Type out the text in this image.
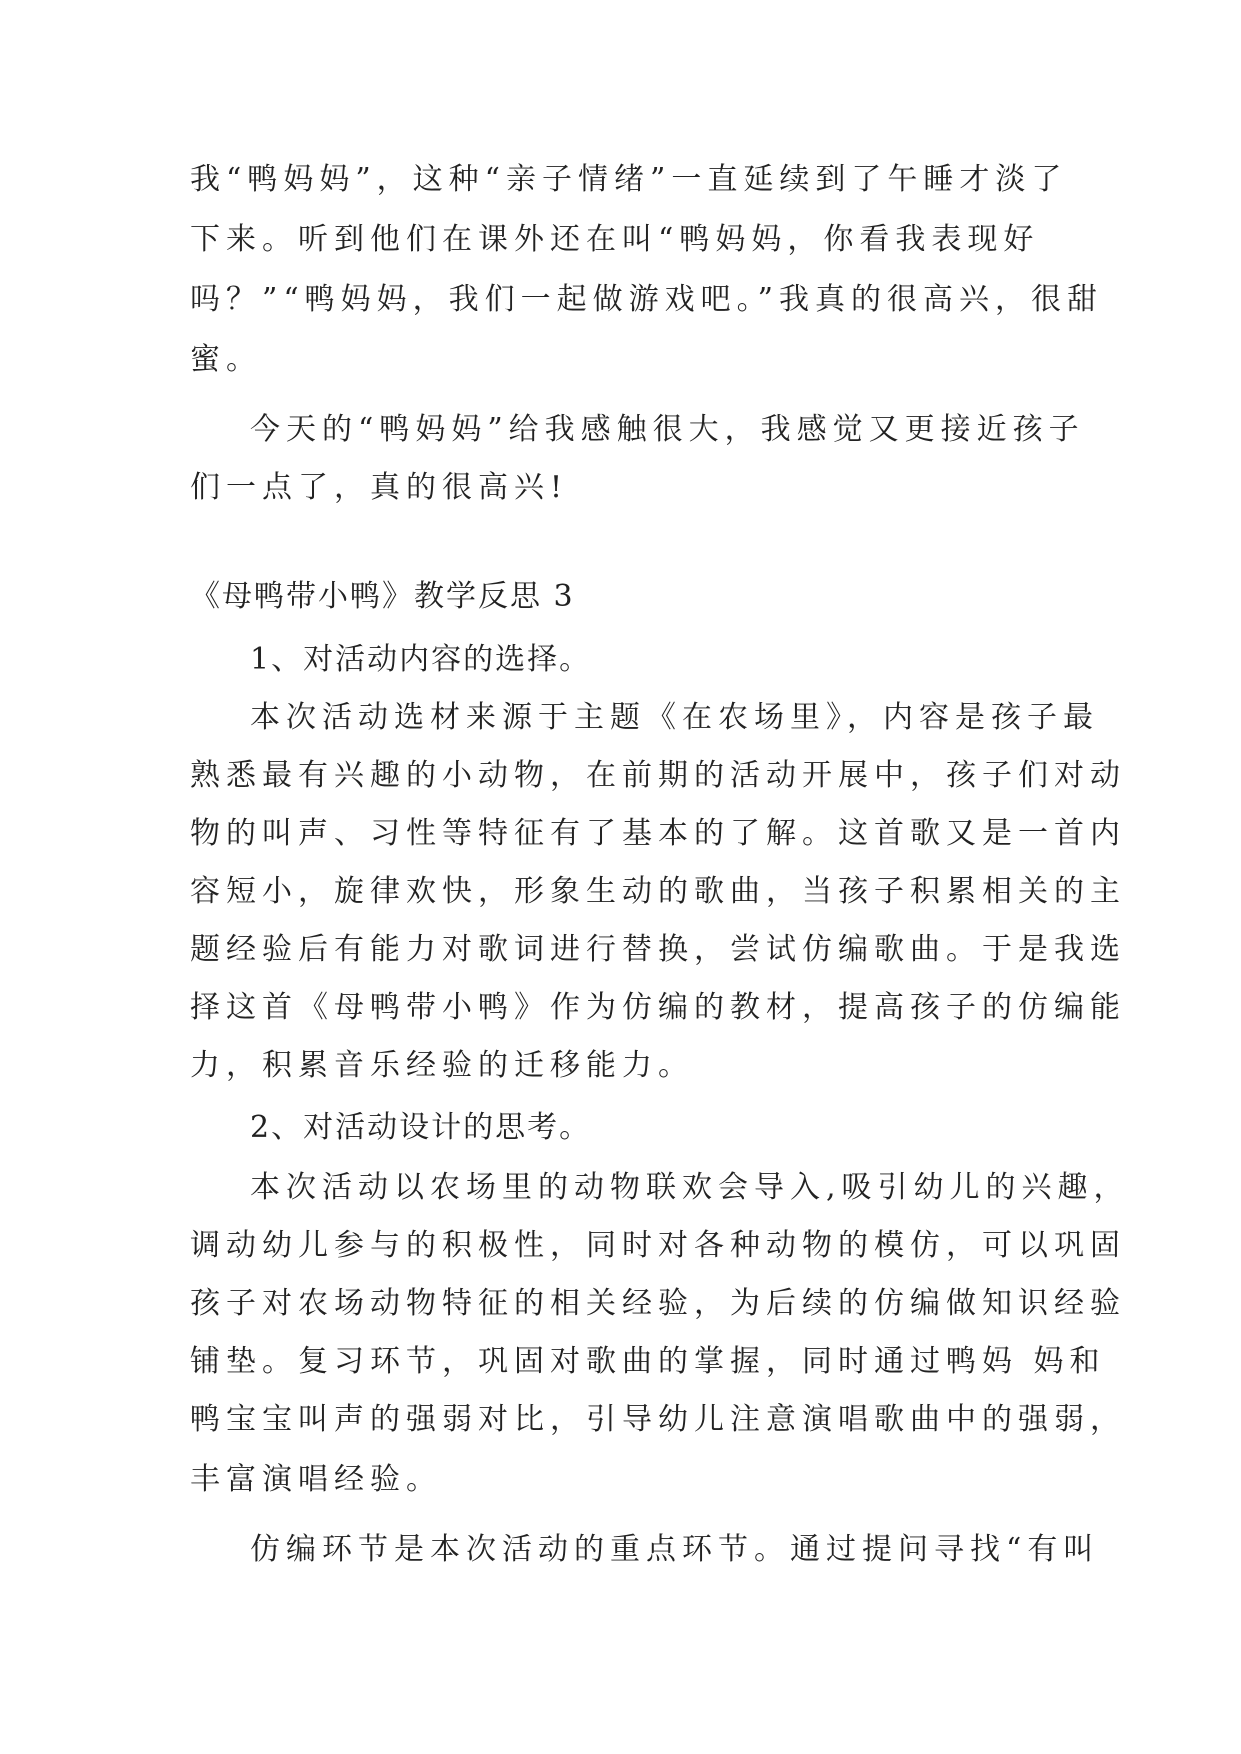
我“鸭妈妈”，这种“亲子情绪”一直延续到了午睡才淡了
下来。听到他们在课外还在叫“鸭妈妈，你看我表现好
吗？”“鸭妈妈，我们一起做游戏吧。”我真的很高兴，很甜
蜜。
今天的“鸭妈妈”给我感触很大，我感觉又更接近孩子
们一点了，真的很高兴!
《母鸭带小鸭》教学反思 3
1、对活动内容的选择。
本次活动选材来源于主题《在农场里》，内容是孩子最
熟悉最有兴趣的小动物，在前期的活动开展中，孩子们对动
物的叫声、习性等特征有了基本的了解。这首歌又是一首内
容短小，旋律欢快，形象生动的歌曲，当孩子积累相关的主
题经验后有能力对歌词进行替换，尝试仿编歌曲。于是我选
择这首《母鸭带小鸭》作为仿编的教材，提高孩子的仿编能
力，积累音乐经验的迁移能力。
2、对活动设计的思考。
本次活动以农场里的动物联欢会导入,吸引幼儿的兴趣，
调动幼儿参与的积极性，同时对各种动物的模仿，可以巩固
孩子对农场动物特征的相关经验，为后续的仿编做知识经验
铺垫。复习环节，巩固对歌曲的掌握，同时通过鸭妈 妈和
鸭宝宝叫声的强弱对比，引导幼儿注意演唱歌曲中的强弱，
丰富演唱经验。
仿编环节是本次活动的重点环节。通过提问寻找“有叫
